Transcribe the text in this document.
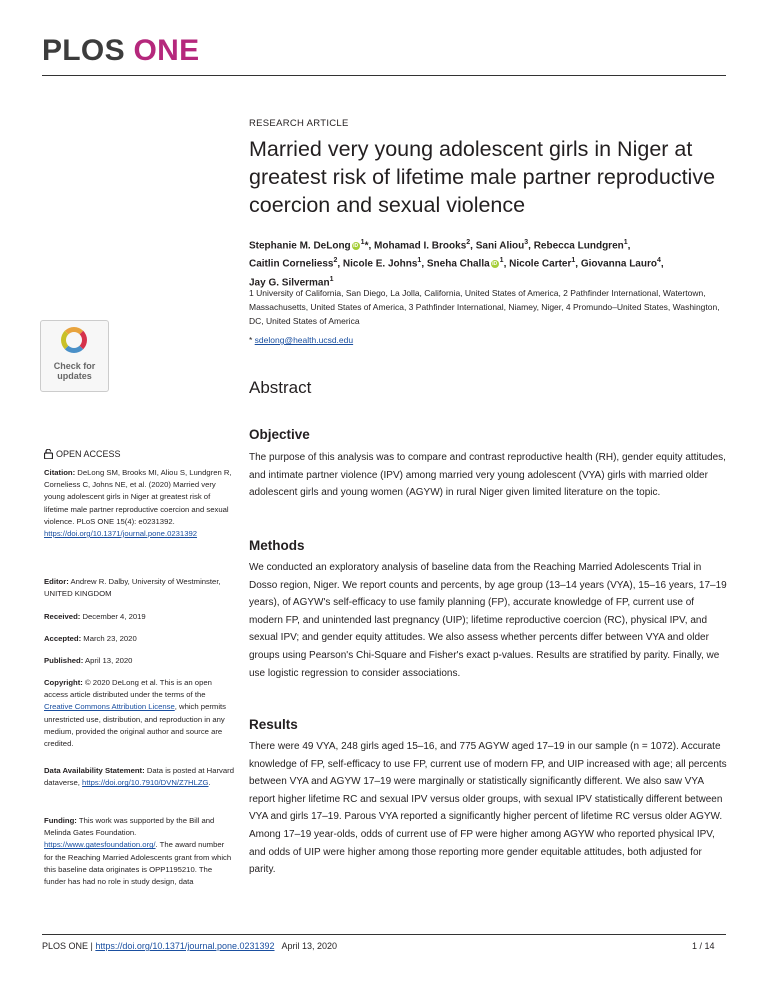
PLOS ONE
Check for
updates
RESEARCH ARTICLE
Married very young adolescent girls in Niger at greatest risk of lifetime male partner reproductive coercion and sexual violence
Stephanie M. DeLong iD $^1$*, Mohamad I. Brooks$^2$, Sani Aliou$^3$, Rebecca Lundgren$^1$,
Caitlin Corneliess$^2$, Nicole E. Johns$^1$, Sneha Challa iD $^1$, Nicole Carter$^1$, Giovanna Lauro$^4$,
Jay G. Silverman$^1$
1 University of California, San Diego, La Jolla, California, United States of America, 2 Pathfinder International, Watertown, Massachusetts, United States of America, 3 Pathfinder International, Niamey, Niger, 4 Promundo–United States, Washington, DC, United States of America
* sdelong@health.ucsd.edu
Abstract
Objective
The purpose of this analysis was to compare and contrast reproductive health (RH), gender equity attitudes, and intimate partner violence (IPV) among married very young adolescent (VYA) girls with married older adolescent girls and young women (AGYW) in rural Niger given limited literature on the topic.
Methods
We conducted an exploratory analysis of baseline data from the Reaching Married Adolescents Trial in Dosso region, Niger. We report counts and percents, by age group (13–14 years (VYA), 15–16 years, 17–19 years), of AGYW's self-efficacy to use family planning (FP), accurate knowledge of FP, current use of modern FP, and unintended last pregnancy (UIP); lifetime reproductive coercion (RC), physical IPV, and sexual IPV; and gender equity attitudes. We also assess whether percents differ between VYA and older groups using Pearson's Chi-Square and Fisher's exact p-values. Results are stratified by parity. Finally, we use logistic regression to consider associations.
Results
There were 49 VYA, 248 girls aged 15–16, and 775 AGYW aged 17–19 in our sample (n = 1072). Accurate knowledge of FP, self-efficacy to use FP, current use of modern FP, and UIP increased with age; all percents between VYA and AGYW 17–19 were marginally or statistically significantly different. We also saw VYA report higher lifetime RC and sexual IPV versus older groups, with sexual IPV statistically different between VYA and girls 17–19. Parous VYA reported a significantly higher percent of lifetime RC versus older AGYW. Among 17–19 year-olds, odds of current use of FP were higher among AGYW who reported physical IPV, and odds of UIP were higher among those reporting more gender equitable attitudes, both adjusted for parity.
OPEN ACCESS
Citation: DeLong SM, Brooks MI, Aliou S, Lundgren R, Corneliess C, Johns NE, et al. (2020) Married very young adolescent girls in Niger at greatest risk of lifetime male partner reproductive coercion and sexual violence. PLoS ONE 15(4): e0231392. https://doi.org/10.1371/journal.pone.0231392
Editor: Andrew R. Dalby, University of Westminster, UNITED KINGDOM
Received: December 4, 2019
Accepted: March 23, 2020
Published: April 13, 2020
Copyright: © 2020 DeLong et al. This is an open access article distributed under the terms of the Creative Commons Attribution License, which permits unrestricted use, distribution, and reproduction in any medium, provided the original author and source are credited.
Data Availability Statement: Data is posted at Harvard dataverse, https://doi.org/10.7910/DVN/Z7HLZG.
Funding: This work was supported by the Bill and Melinda Gates Foundation. https://www.gatesfoundation.org/. The award number for the Reaching Married Adolescents grant from which this baseline data originates is OPP1195210. The funder has had no role in study design, data
PLOS ONE | https://doi.org/10.1371/journal.pone.0231392   April 13, 2020	1 / 14
